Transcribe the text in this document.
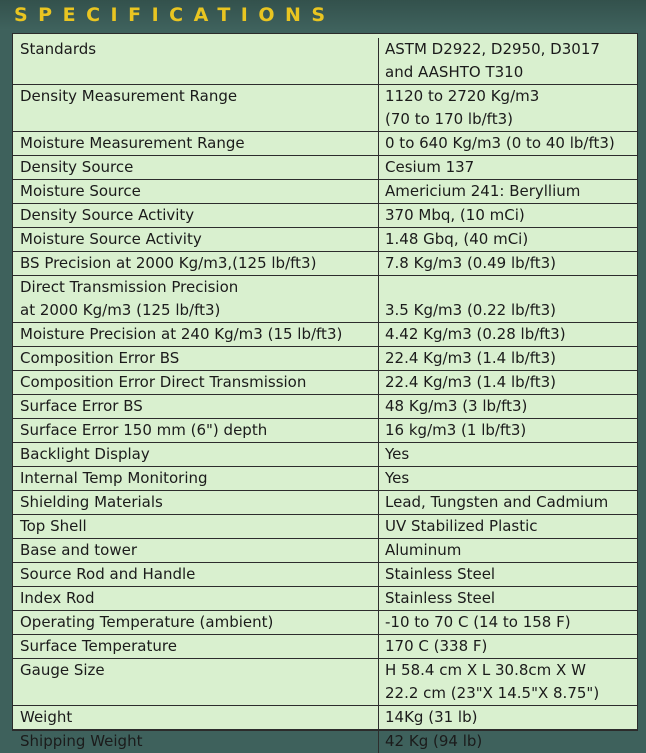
SPECIFICATIONS
Standards	ASTM D2922, D2950, D3017
and AASHTO T310

Density Measurement Range	1120 to 2720 Kg/m3
(70 to 170 lb/ft3)

Moisture Measurement Range	0 to 640 Kg/m3 (0 to 40 lb/ft3)

Density Source	Cesium 137

Moisture Source	Americium 241: Beryllium

Density Source Activity	370 Mbq, (10 mCi)

Moisture Source Activity	1.48 Gbq, (40 mCi)

BS Precision at 2000 Kg/m3,(125 lb/ft3)	7.8 Kg/m3 (0.49 lb/ft3)

Direct Transmission Precision
at 2000 Kg/m3 (125 lb/ft3)	3.5 Kg/m3 (0.22 lb/ft3)

Moisture Precision at 240 Kg/m3 (15 lb/ft3)	4.42 Kg/m3 (0.28 lb/ft3)

Composition Error BS	22.4 Kg/m3 (1.4 lb/ft3)

Composition Error Direct Transmission	22.4 Kg/m3 (1.4 lb/ft3)

Surface Error BS	48 Kg/m3 (3 lb/ft3)

Surface Error 150 mm (6") depth	16 kg/m3 (1 lb/ft3)

Backlight Display	Yes

Internal Temp Monitoring	Yes

Shielding Materials	Lead, Tungsten and Cadmium

Top Shell	UV Stabilized Plastic

Base and tower	Aluminum

Source Rod and Handle	Stainless Steel

Index Rod	Stainless Steel

Operating Temperature (ambient)	-10 to 70 C (14 to 158 F)

Surface Temperature	170 C (338 F)

Gauge Size	H 58.4 cm X L 30.8cm X W
22.2 cm (23"X 14.5"X 8.75")

Weight	14Kg (31 lb)

Shipping Weight	42 Kg (94 lb)
